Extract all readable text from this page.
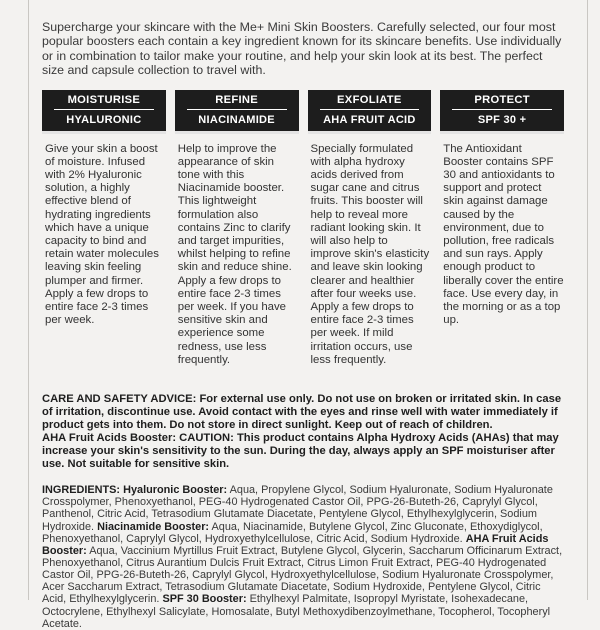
Supercharge your skincare with the Me+ Mini Skin Boosters. Carefully selected, our four most popular boosters each contain a key ingredient known for its skincare benefits. Use individually or in combination to tailor make your routine, and help your skin look at its best. The perfect size and capsule collection to travel with.

MOISTURISE
HYALURONIC

Give your skin a boost of moisture. Infused with 2% Hyaluronic solution, a highly effective blend of hydrating ingredients which have a unique capacity to bind and retain water molecules leaving skin feeling plumper and firmer. Apply a few drops to entire face 2-3 times per week.

REFINE
NIACINAMIDE

Help to improve the appearance of skin tone with this Niacinamide booster. This lightweight formulation also contains Zinc to clarify and target impurities, whilst helping to refine skin and reduce shine. Apply a few drops to entire face 2-3 times per week. If you have sensitive skin and experience some redness, use less frequently.

EXFOLIATE
AHA FRUIT ACID

Specially formulated with alpha hydroxy acids derived from sugar cane and citrus fruits. This booster will help to reveal more radiant looking skin. It will also help to improve skin's elasticity and leave skin looking clearer and healthier after four weeks use. Apply a few drops to entire face 2-3 times per week. If mild irritation occurs, use less frequently.

PROTECT
SPF 30 +

The Antioxidant Booster contains SPF 30 and antioxidants to support and protect skin against damage caused by the environment, due to pollution, free radicals and sun rays. Apply enough product to liberally cover the entire face. Use every day, in the morning or as a top up.

CARE AND SAFETY ADVICE: For external use only. Do not use on broken or irritated skin. In case of irritation, discontinue use. Avoid contact with the eyes and rinse well with water immediately if product gets into them. Do not store in direct sunlight. Keep out of reach of children.

AHA Fruit Acids Booster: CAUTION: This product contains Alpha Hydroxy Acids (AHAs) that may increase your skin's sensitivity to the sun. During the day, always apply an SPF moisturiser after use. Not suitable for sensitive skin.

INGREDIENTS: Hyaluronic Booster: Aqua, Propylene Glycol, Sodium Hyaluronate, Sodium Hyaluronate Crosspolymer, Phenoxyethanol, PEG-40 Hydrogenated Castor Oil, PPG-26-Buteth-26, Caprylyl Glycol, Panthenol, Citric Acid, Tetrasodium Glutamate Diacetate, Pentylene Glycol, Ethylhexylglycerin, Sodium Hydroxide. Niacinamide Booster: Aqua, Niacinamide, Butylene Glycol, Zinc Gluconate, Ethoxydiglycol, Phenoxyethanol, Caprylyl Glycol, Hydroxyethylcellulose, Citric Acid, Sodium Hydroxide. AHA Fruit Acids Booster: Aqua, Vaccinium Myrtillus Fruit Extract, Butylene Glycol, Glycerin, Saccharum Officinarum Extract, Phenoxyethanol, Citrus Aurantium Dulcis Fruit Extract, Citrus Limon Fruit Extract, PEG-40 Hydrogenated Castor Oil, PPG-26-Buteth-26, Caprylyl Glycol, Hydroxyethylcellulose, Sodium Hyaluronate Crosspolymer, Acer Saccharum Extract, Tetrasodium Glutamate Diacetate, Sodium Hydroxide, Pentylene Glycol, Citric Acid, Ethylhexylglycerin. SPF 30 Booster: Ethylhexyl Palmitate, Isopropyl Myristate, Isohexadecane, Octocrylene, Ethylhexyl Salicylate, Homosalate, Butyl Methoxydibenzoylmethane, Tocopherol, Tocopheryl Acetate.
